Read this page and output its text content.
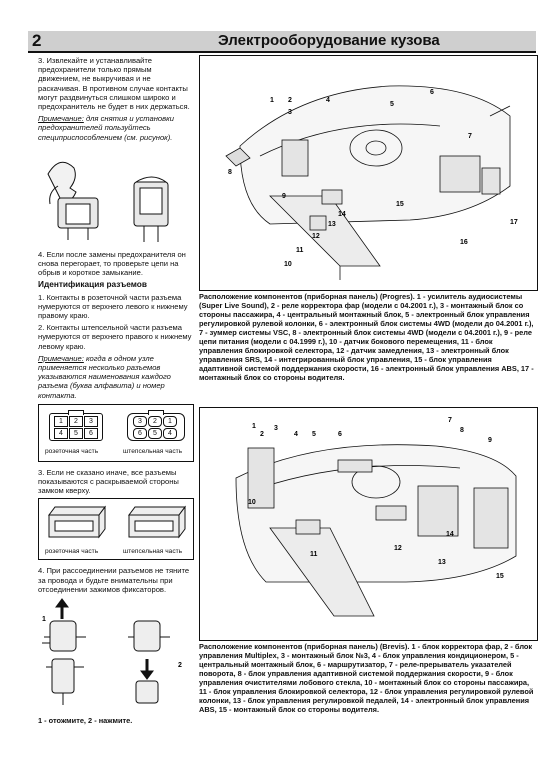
2	Электрооборудование кузова

3. Извлекайте и устанавливайте предохранители только прямым движением, не выкручивая и не раскачивая. В противном случае контакты могут раздвинуться слишком широко и предохранитель не будет в них держаться.

Примечание: для снятия и установки предохранителей пользуйтесь специприспособлением (см. рисунок).

4. Если после замены предохранителя он снова перегорает, то проверьте цепи на обрыв и короткое замыкание.

Идентификация разъемов

1. Контакты в розеточной части разъема нумеруются от верхнего левого к нижнему правому краю.

2. Контакты штепсельной части разъема нумеруются от верхнего правого к нижнему левому краю.

Примечание: когда в одном узле применяется несколько разъемов указываются наименования каждого разъема (буква алфавита) и номер контакта.

1	2	3
4	5	6
3	2	1
6	5	4
розеточная часть	штепсельная часть

3. Если не сказано иначе, все разъемы показываются с раскрываемой стороны замком кверху.

розеточная часть	штепсельная часть

4. При рассоединении разъемов не тяните за провода и будьте внимательны при отсоединении зажимов фиксаторов.

1
2
1 - отожмите, 2 - нажмите.
1 2
3
4
5
6
7
8
9
10
11
12
13
14
15
16
17
Расположение компонентов (приборная панель) (Progres). 1 - усилитель аудиосистемы (Super Live Sound), 2 - реле корректора фар (модели с 04.2001 г.), 3 - монтажный блок со стороны пассажира, 4 - центральный монтажный блок, 5 - электронный блок управления регулировкой рулевой колонки, 6 - электронный блок системы 4WD (модели до 04.2001 г.), 7 - зуммер системы VSC, 8 - электронный блок системы 4WD (модели с 04.2001 г.), 9 - реле цепи питания (модели с 04.1999 г.), 10 - датчик бокового перемещения, 11 - блок управления блокировкой селектора, 12 - датчик замедления, 13 - электронный блок управления SRS, 14 - интегрированный блок управления, 15 - блок управления адаптивной системой поддержания скорости, 16 - электронный блок управления ABS, 17 - монтажный блок со стороны водителя.
1
2
3
4 5	6
7
8
9
10
11
12
13
14
15
Расположение компонентов (приборная панель) (Brevis). 1 - блок корректора фар, 2 - блок управления Multiplex, 3 - монтажный блок №3, 4 - блок управления кондиционером, 5 - центральный монтажный блок, 6 - маршрутизатор, 7 - реле-прерыватель указателей поворота, 8 - блок управления адаптивной системой поддержания скорости, 9 - блок управления очистителями лобового стекла, 10 - монтажный блок со стороны пассажира, 11 - блок управления блокировкой селектора, 12 - блок управления регулировкой рулевой колонки, 13 - блок управления регулировкой педалей, 14 - электронный блок управления ABS, 15 - монтажный блок со стороны водителя.
